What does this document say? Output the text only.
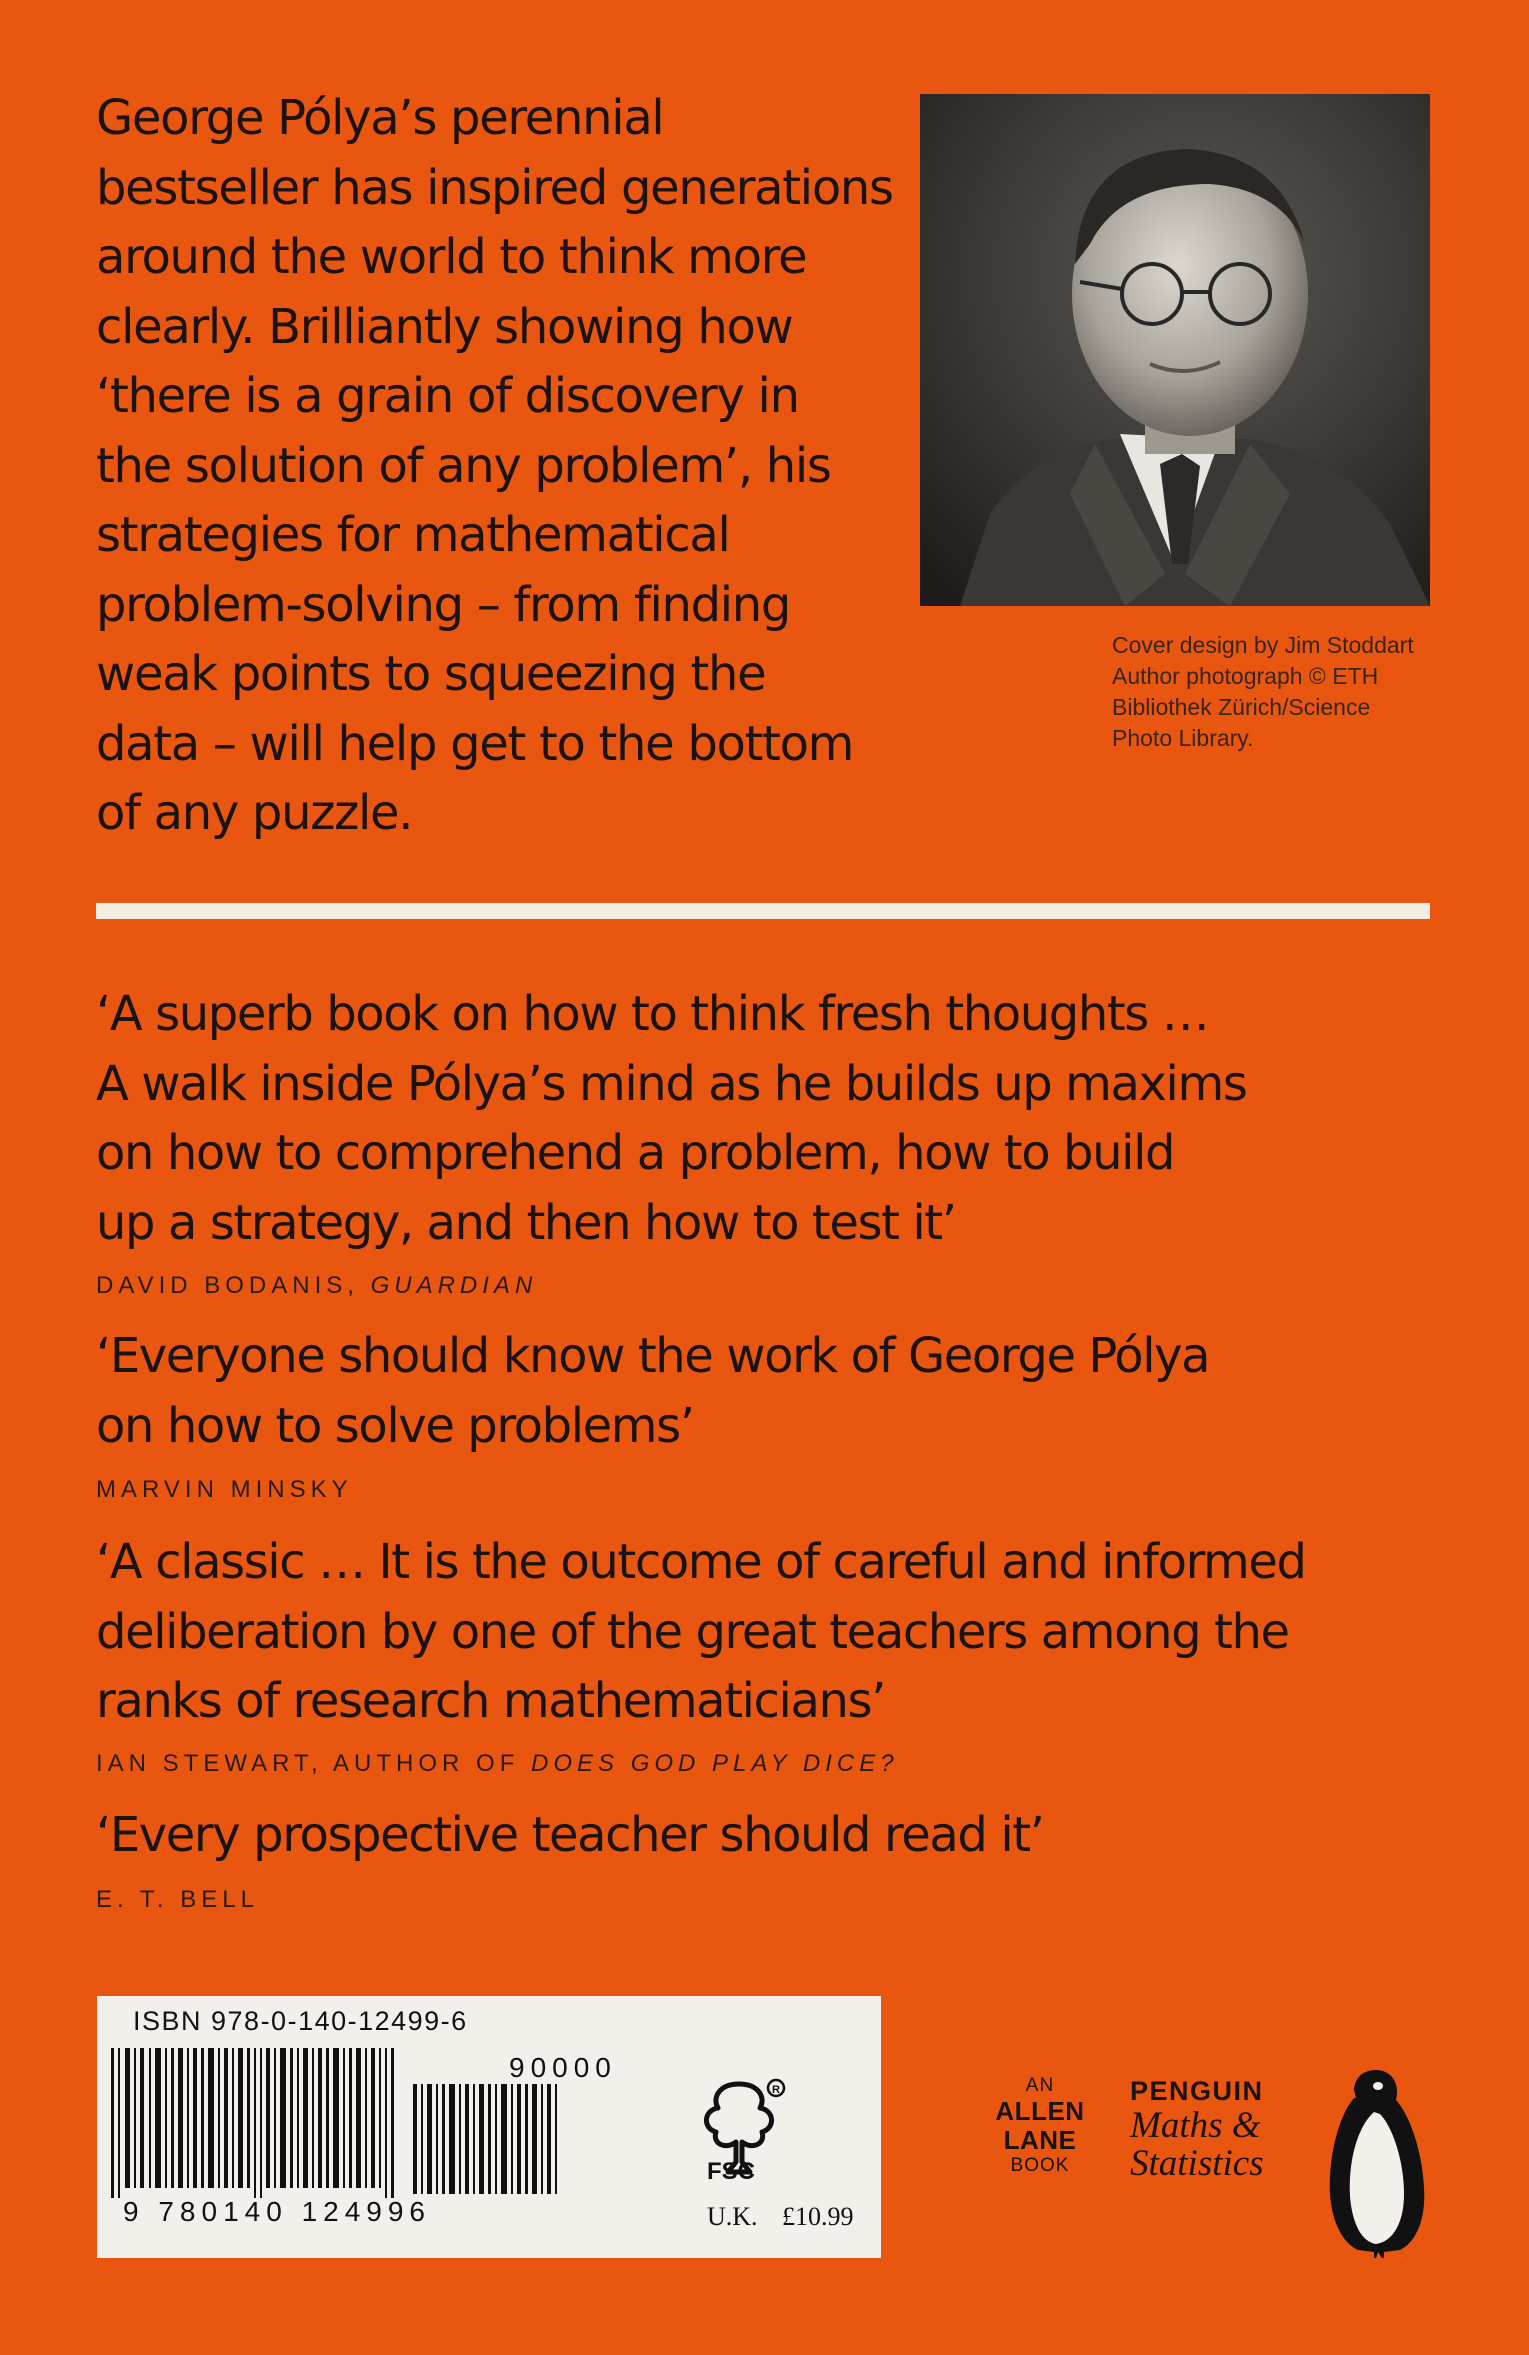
George Pólya’s perennial
bestseller has inspired generations
around the world to think more
clearly. Brilliantly showing how
‘there is a grain of discovery in
the solution of any problem’, his
strategies for mathematical
problem-solving – from finding
weak points to squeezing the
data – will help get to the bottom
of any puzzle.

Cover design by Jim Stoddart
Author photograph © ETH
Bibliothek Zürich/Science
Photo Library.
‘A superb book on how to think fresh thoughts …
A walk inside Pólya’s mind as he builds up maxims
on how to comprehend a problem, how to build
up a strategy, and then how to test it’
DAVID BODANIS, GUARDIAN
‘Everyone should know the work of George Pólya
on how to solve problems’
MARVIN MINSKY
‘A classic … It is the outcome of careful and informed
deliberation by one of the great teachers among the
ranks of research mathematicians’
IAN STEWART, AUTHOR OF DOES GOD PLAY DICE?
‘Every prospective teacher should read it’
E. T. BELL
ISBN 978-0-140-12499-6
9 780140 124996
90000
R
FSC
U.K. £10.99
AN
ALLEN
LANE
BOOK
PENGUIN
Maths &
Statistics
